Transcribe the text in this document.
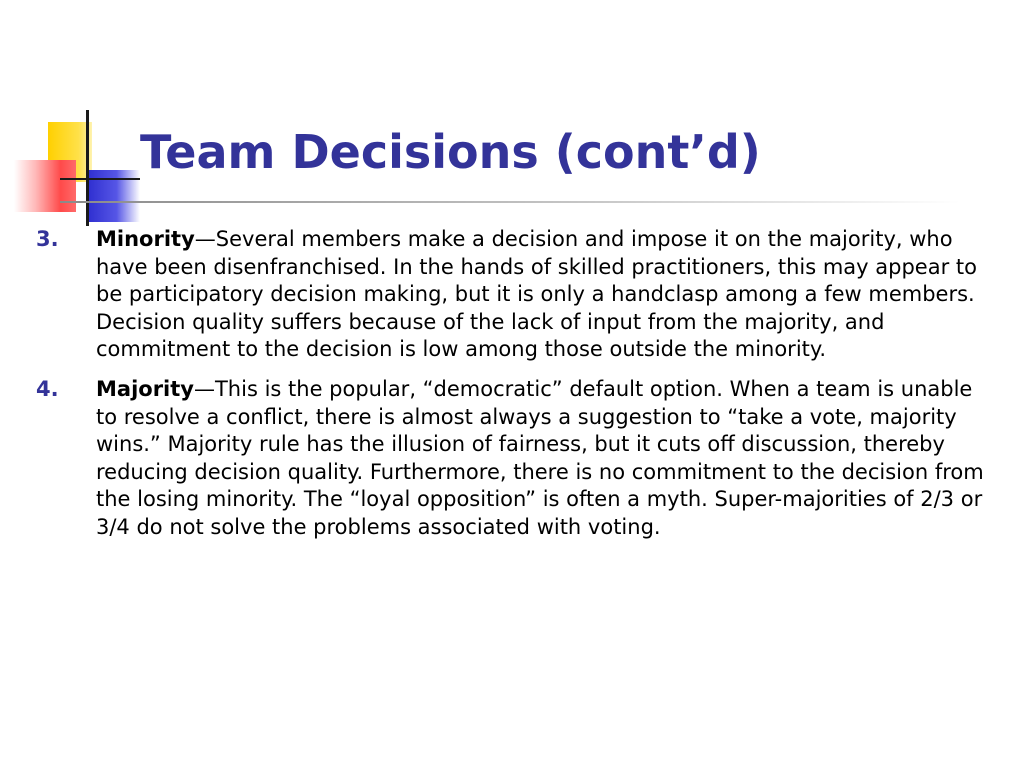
Team Decisions (cont’d)
3.	Minority—Several members make a decision and impose it on the majority, who have been disenfranchised. In the hands of skilled practitioners, this may appear to be participatory decision making, but it is only a handclasp among a few members. Decision quality suffers because of the lack of input from the majority, and commitment to the decision is low among those outside the minority.
4.	Majority—This is the popular, “democratic” default option. When a team is unable to resolve a conflict, there is almost always a suggestion to “take a vote, majority wins.” Majority rule has the illusion of fairness, but it cuts off discussion, thereby reducing decision quality. Furthermore, there is no commitment to the decision from the losing minority. The “loyal opposition” is often a myth. Super-majorities of 2/3 or 3/4 do not solve the problems associated with voting.
